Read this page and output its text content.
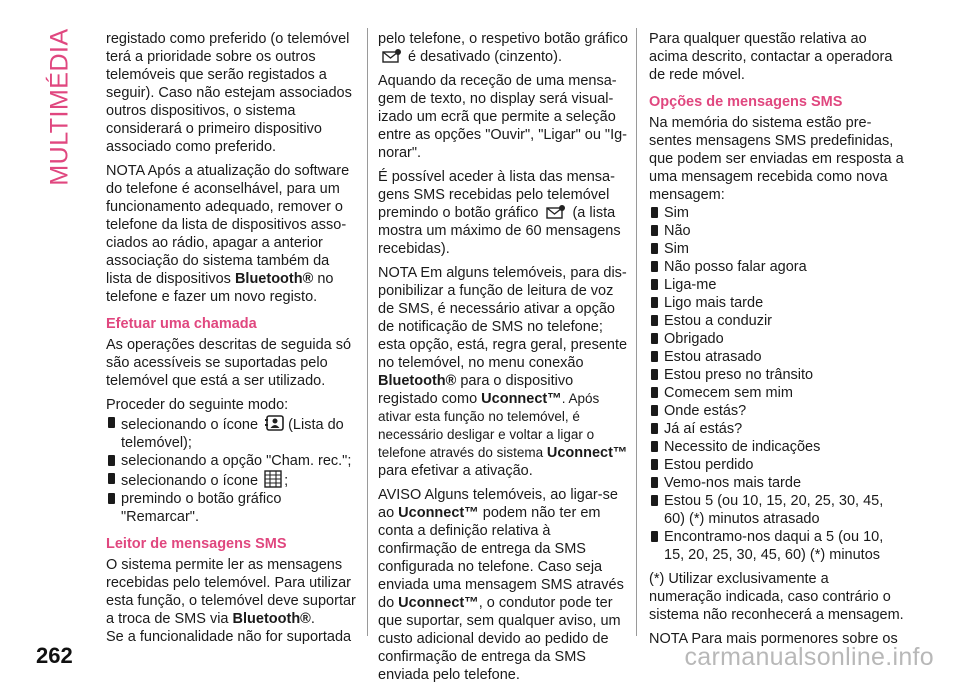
MULTIMÉDIA registado como preferido (o telemóvel terá a prioridade sobre os outros telemóveis que serão registados a seguir). Caso não estejam associados outros dispositivos, o sistema considerará o primeiro dispositivo associado como preferido.

NOTA Após a atualização do software do telefone é aconselhável, para um funcionamento adequado, remover o telefone da lista de dispositivos associados ao rádio, apagar a anterior associação do sistema também da lista de dispositivos Bluetooth® no telefone e fazer um novo registo.

Efetuar uma chamada

As operações descritas de seguida só são acessíveis se suportadas pelo telemóvel que está a ser utilizado.

Proceder do seguinte modo:

selecionando o ícone (Lista do telemóvel);
selecionando a opção "Cham. rec.";
selecionando o ícone ;
premindo o botão gráfico "Remarcar".
Leitor de mensagens SMS

O sistema permite ler as mensagens recebidas pelo telemóvel. Para utilizar esta função, o telemóvel deve suportar a troca de SMS via Bluetooth®.

Se a funcionalidade não for suportada

pelo telefone, o respetivo botão gráfico
é desativado (cinzento).

Aquando da receção de uma mensagem de texto, no display será visualizado um ecrã que permite a seleção entre as opções "Ouvir", "Ligar" ou "Ignorar".

É possível aceder à lista das mensagens SMS recebidas pelo telemóvel premindo o botão gráfico  (a lista mostra um máximo de 60 mensagens recebidas).

NOTA Em alguns telemóveis, para disponibilizar a função de leitura de voz de SMS, é necessário ativar a opção de notificação de SMS no telefone; esta opção, está, regra geral, presente no telemóvel, no menu conexão Bluetooth® para o dispositivo registado como Uconnect™. Após ativar esta função no telemóvel, é necessário desligar e voltar a ligar o telefone através do sistema Uconnect™ para efetivar a ativação.

AVISO Alguns telemóveis, ao ligar-se ao Uconnect™ podem não ter em conta a definição relativa à confirmação de entrega da SMS configurada no telefone. Caso seja enviada uma mensagem SMS através do Uconnect™, o condutor pode ter que suportar, sem qualquer aviso, um custo adicional devido ao pedido de confirmação de entrega da SMS enviada pelo telefone.

Para qualquer questão relativa ao acima descrito, contactar a operadora de rede móvel.

Opções de mensagens SMS

Na memória do sistema estão presentes mensagens SMS predefinidas, que podem ser enviadas em resposta a uma mensagem recebida como nova mensagem:

Sim
Não
Sim
Não posso falar agora
Liga-me
Ligo mais tarde
Estou a conduzir
Obrigado
Estou atrasado
Estou preso no trânsito
Comecem sem mim
Onde estás?
Já aí estás?
Necessito de indicações
Estou perdido
Vemo-nos mais tarde
Estou 5 (ou 10, 15, 20, 25, 30, 45, 60) (*) minutos atrasado
Encontramo-nos daqui a 5 (ou 10, 15, 20, 25, 30, 45, 60) (*) minutos

(*) Utilizar exclusivamente a numeração indicada, caso contrário o sistema não reconhecerá a mensagem.

NOTA Para mais pormenores sobre os

262	carmanualsonline.info
